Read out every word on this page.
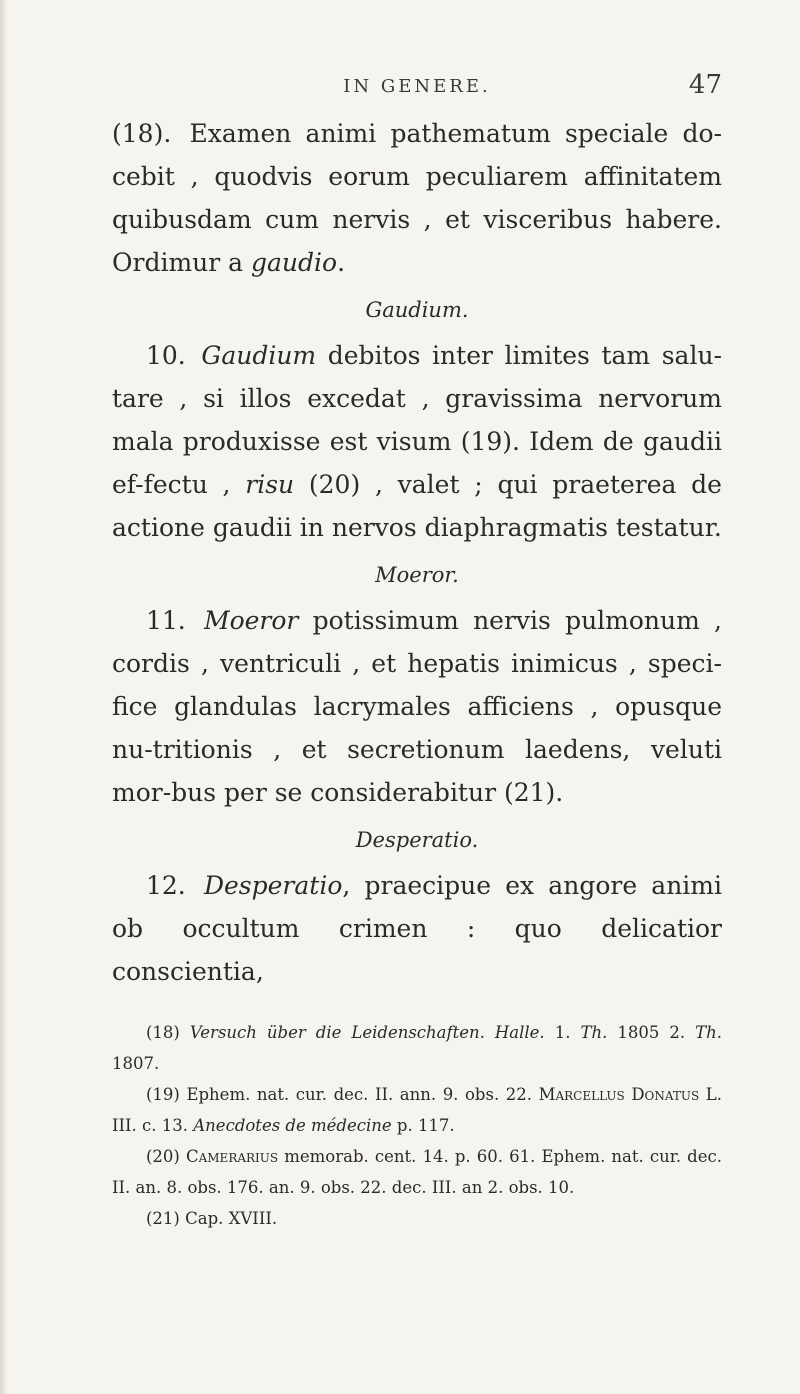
IN GENERE.	47

(18). Examen animi pathematum speciale do-cebit , quodvis eorum peculiarem affinitatem quibusdam cum nervis , et visceribus habere. Ordimur a gaudio.

Gaudium.

10. Gaudium debitos inter limites tam salu-tare , si illos excedat , gravissima nervorum mala produxisse est visum (19). Idem de gaudii ef-fectu , risu (20) , valet ; qui praeterea de actione gaudii in nervos diaphragmatis testatur.

Moeror.

11. Moeror potissimum nervis pulmonum , cordis , ventriculi , et hepatis inimicus , speci-fice glandulas lacrymales afficiens , opusque nu-tritionis , et secretionum laedens, veluti mor-bus per se considerabitur (21).

Desperatio.

12. Desperatio, praecipue ex angore animi ob occultum crimen : quo delicatior conscientia,

(18) Versuch über die Leidenschaften. Halle. 1. Th. 1805 2. Th. 1807.

(19) Ephem. nat. cur. dec. II. ann. 9. obs. 22. Marcellus Donatus L. III. c. 13. Anecdotes de médecine p. 117.

(20) Camerarius memorab. cent. 14. p. 60. 61. Ephem. nat. cur. dec. II. an. 8. obs. 176. an. 9. obs. 22. dec. III. an 2. obs. 10.

(21) Cap. XVIII.
